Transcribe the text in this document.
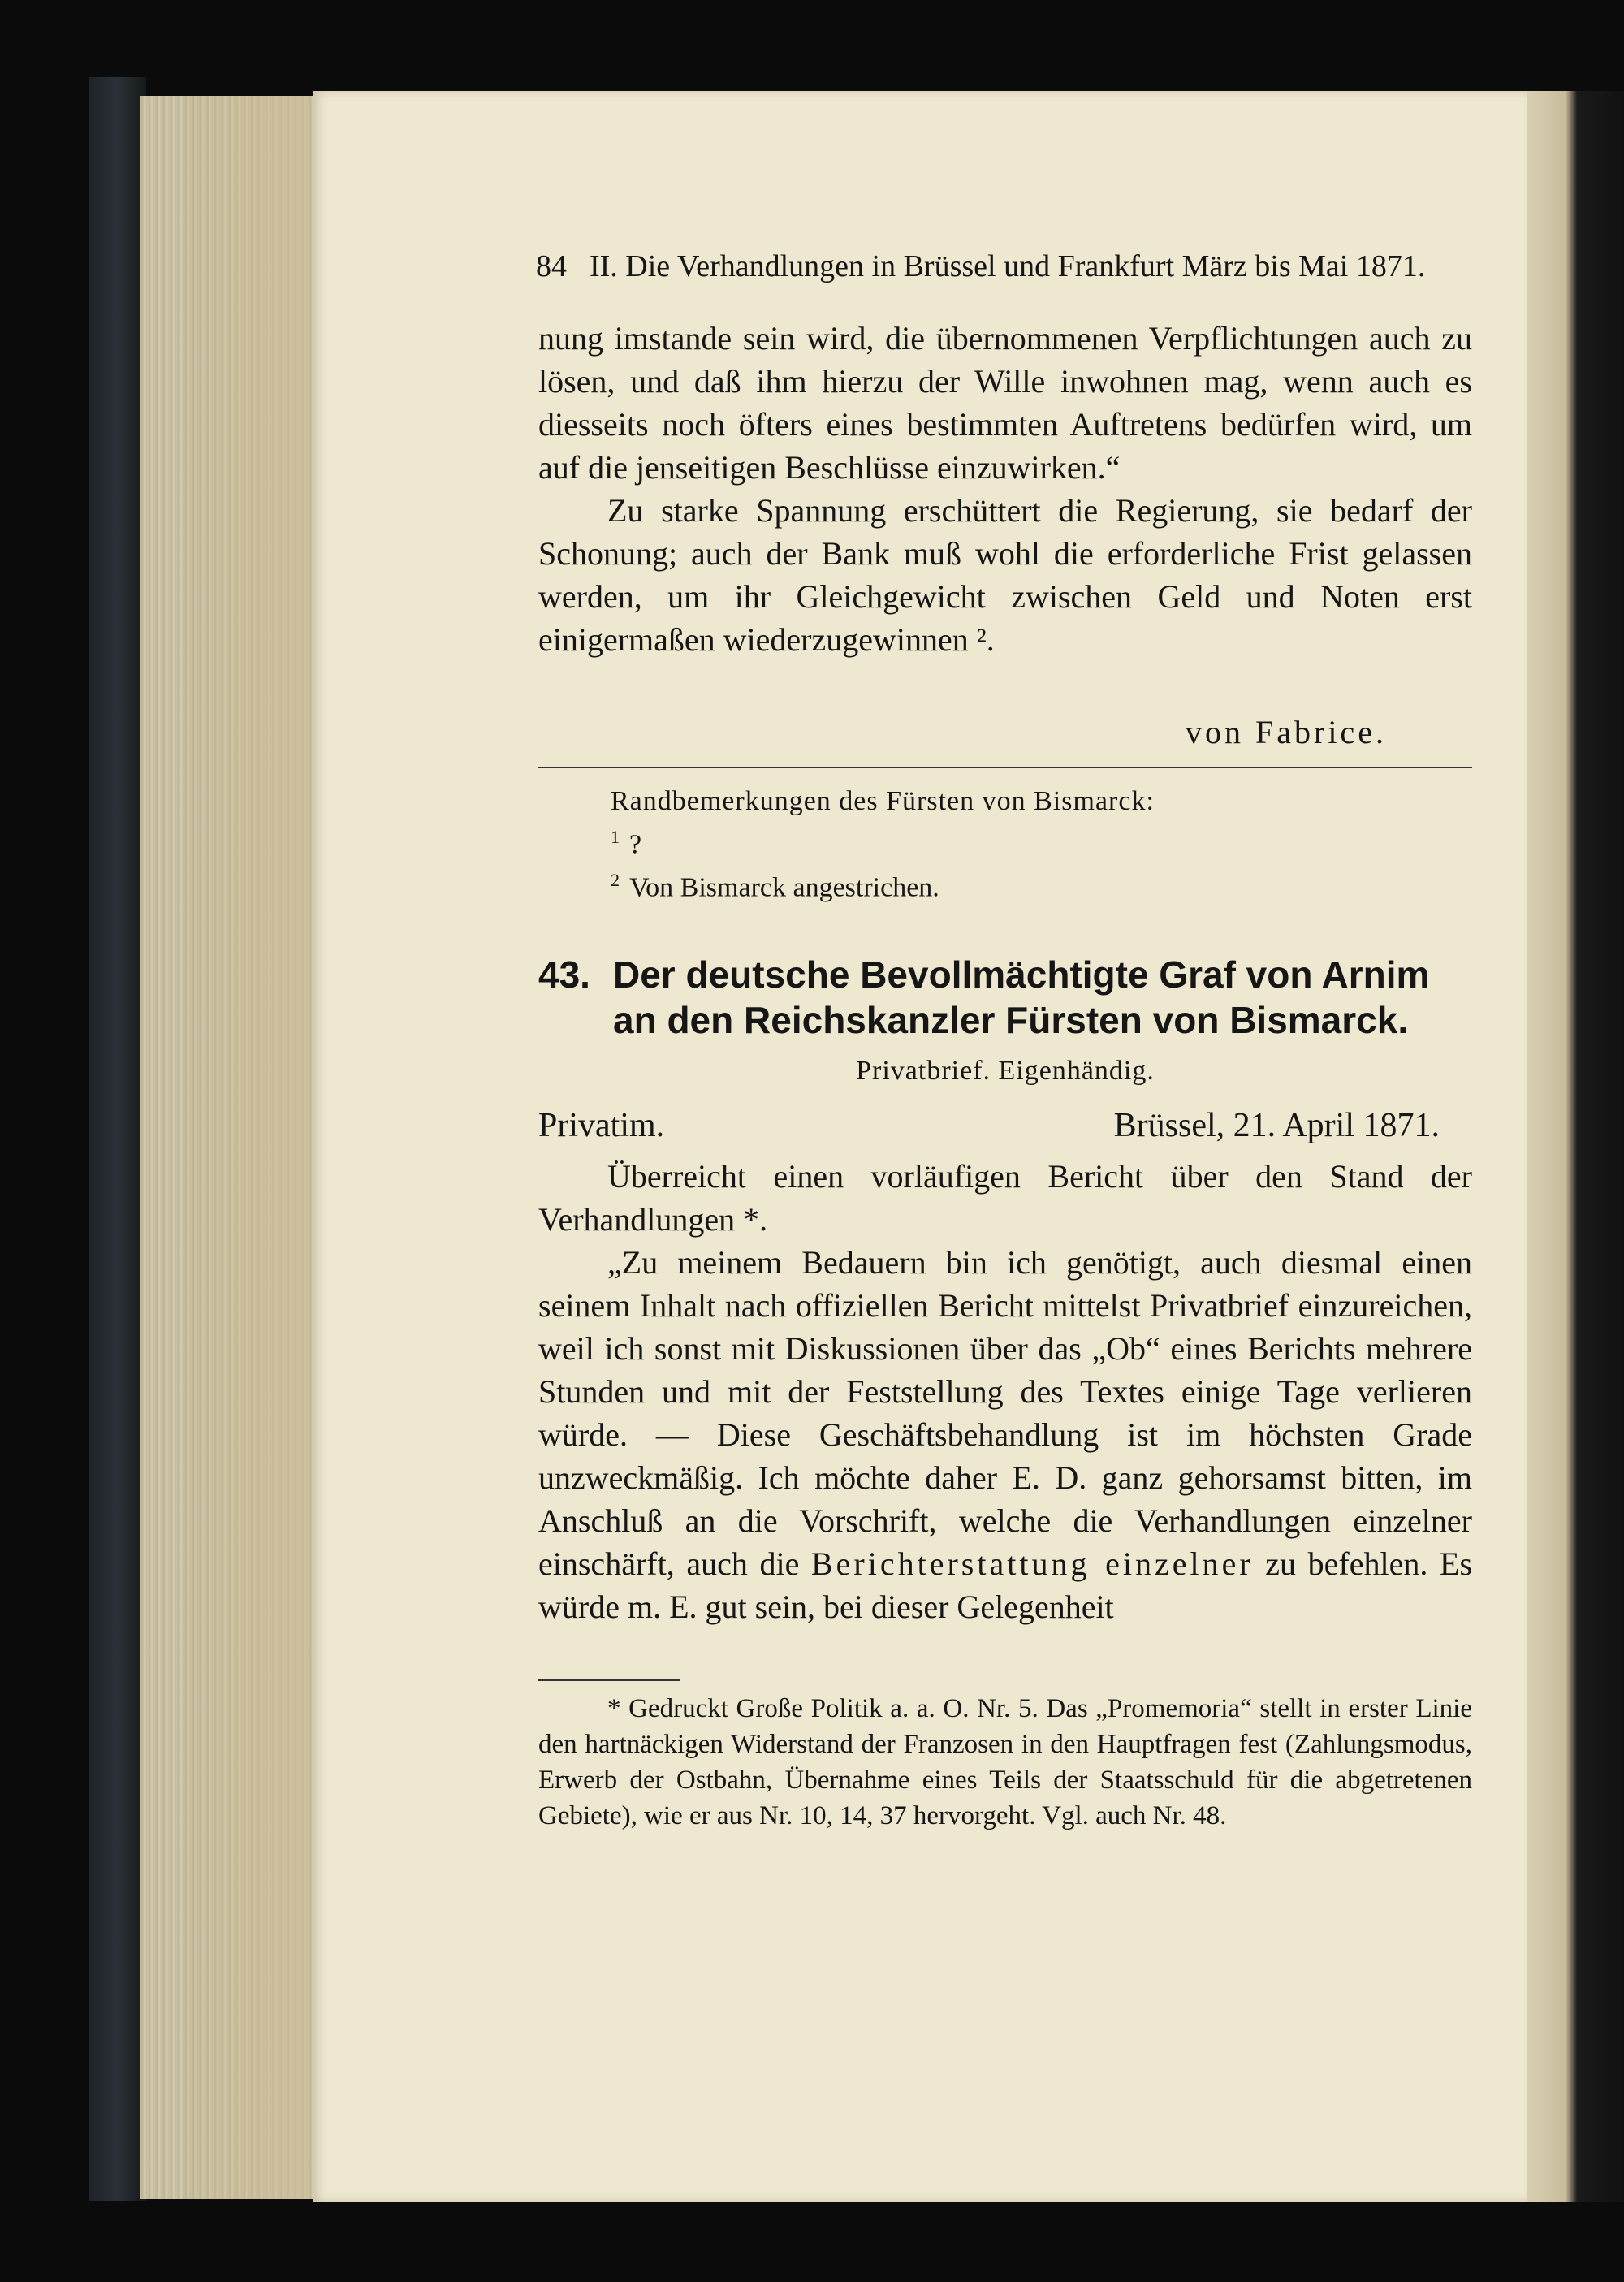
84 II. Die Verhandlungen in Brüssel und Frankfurt März bis Mai 1871.

nung imstande sein wird, die übernommenen Verpflichtungen auch zu lösen, und daß ihm hierzu der Wille inwohnen mag, wenn auch es diesseits noch öfters eines bestimmten Auftretens bedürfen wird, um auf die jenseitigen Beschlüsse einzuwirken.“

Zu starke Spannung erschüttert die Regierung, sie bedarf der Schonung; auch der Bank muß wohl die erforderliche Frist gelassen werden, um ihr Gleichgewicht zwischen Geld und Noten erst einigermaßen wiederzugewinnen ².

von Fabrice.
Randbemerkungen des Fürsten von Bismarck:
$^1$ ?
$^2$ Von Bismarck angestrichen.
43. Der deutsche Bevollmächtigte Graf von Arnim
an den Reichskanzler Fürsten von Bismarck.
Privatbrief. Eigenhändig.
Privatim.	Brüssel, 21. April 1871.

Überreicht einen vorläufigen Bericht über den Stand der Verhandlungen *.

„Zu meinem Bedauern bin ich genötigt, auch diesmal einen seinem Inhalt nach offiziellen Bericht mittelst Privatbrief einzureichen, weil ich sonst mit Diskussionen über das „Ob“ eines Berichts mehrere Stunden und mit der Feststellung des Textes einige Tage verlieren würde. — Diese Geschäftsbehandlung ist im höchsten Grade unzweckmäßig. Ich möchte daher E. D. ganz gehorsamst bitten, im Anschluß an die Vorschrift, welche die Verhandlungen einzelner einschärft, auch die Berichterstattung einzelner zu befehlen. Es würde m. E. gut sein, bei dieser Gelegenheit

* Gedruckt Große Politik a. a. O. Nr. 5. Das „Promemoria“ stellt in erster Linie den hartnäckigen Widerstand der Franzosen in den Hauptfragen fest (Zahlungsmodus, Erwerb der Ostbahn, Übernahme eines Teils der Staatsschuld für die abgetretenen Gebiete), wie er aus Nr. 10, 14, 37 hervorgeht. Vgl. auch Nr. 48.
